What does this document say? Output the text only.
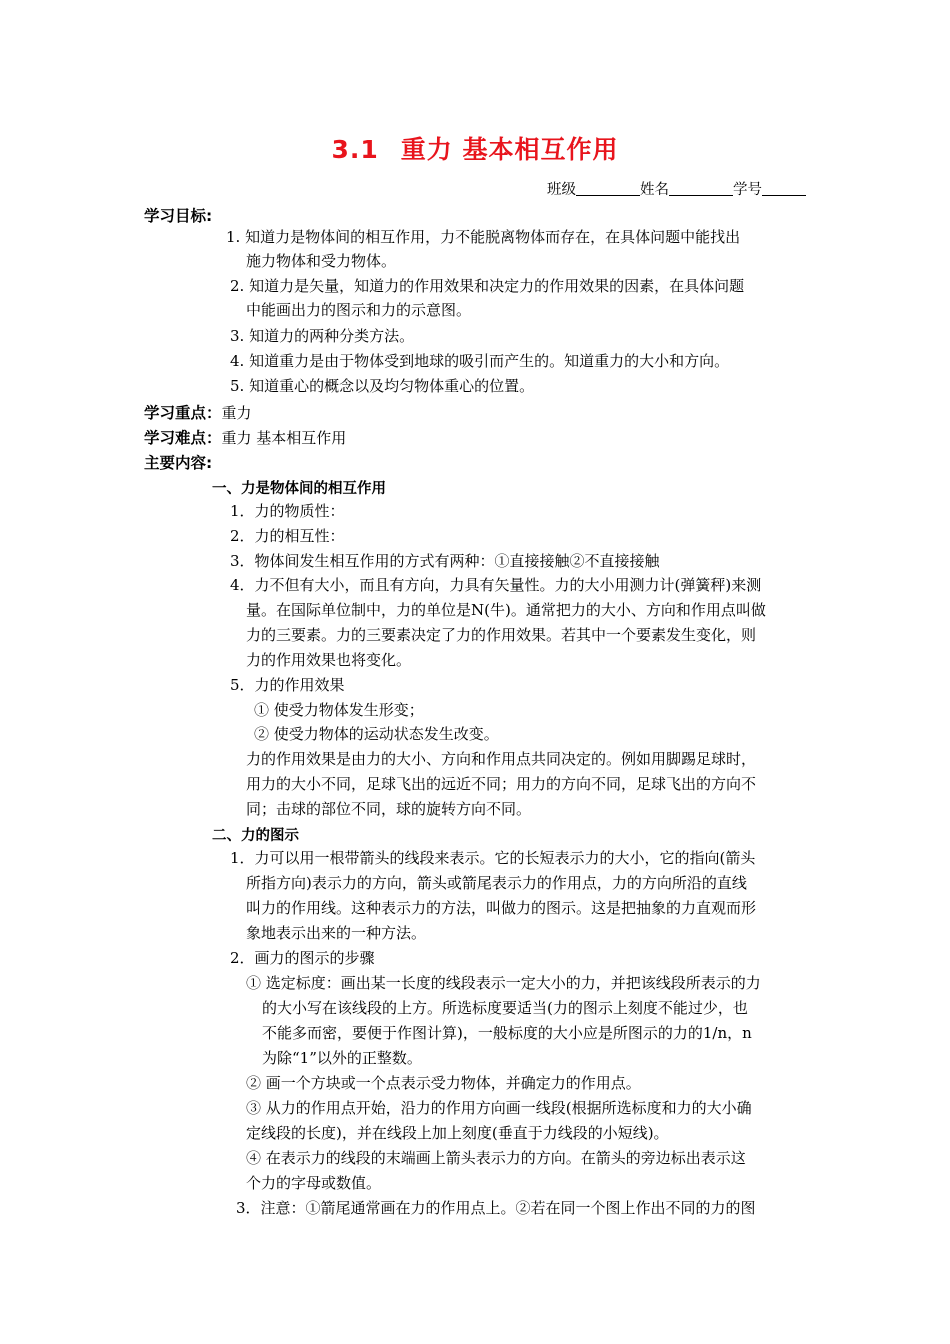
3.1 重力 基本相互作用
班级	姓名	学号
学习目标:
1. 知道力是物体间的相互作用，力不能脱离物体而存在，在具体问题中能找出
施力物体和受力物体。
2. 知道力是矢量，知道力的作用效果和决定力的作用效果的因素，在具体问题
中能画出力的图示和力的示意图。
3. 知道力的两种分类方法。
4. 知道重力是由于物体受到地球的吸引而产生的。知道重力的大小和方向。
5. 知道重心的概念以及均匀物体重心的位置。
学习重点：重力
学习难点：重力 基本相互作用
主要内容:
一、力是物体间的相互作用
1．力的物质性：
2．力的相互性：
3．物体间发生相互作用的方式有两种：①直接接触②不直接接触
4．力不但有大小，而且有方向，力具有矢量性。力的大小用测力计(弹簧秤)来测
量。在国际单位制中，力的单位是N(牛)。通常把力的大小、方向和作用点叫做
力的三要素。力的三要素决定了力的作用效果。若其中一个要素发生变化，则
力的作用效果也将变化。
5．力的作用效果
① 使受力物体发生形变；
② 使受力物体的运动状态发生改变。
力的作用效果是由力的大小、方向和作用点共同决定的。例如用脚踢足球时，
用力的大小不同，足球飞出的远近不同；用力的方向不同，足球飞出的方向不
同；击球的部位不同，球的旋转方向不同。
二、力的图示
1．力可以用一根带箭头的线段来表示。它的长短表示力的大小，它的指向(箭头
所指方向)表示力的方向，箭头或箭尾表示力的作用点，力的方向所沿的直线
叫力的作用线。这种表示力的方法，叫做力的图示。这是把抽象的力直观而形
象地表示出来的一种方法。
2．画力的图示的步骤
① 选定标度：画出某一长度的线段表示一定大小的力，并把该线段所表示的力
的大小写在该线段的上方。所选标度要适当(力的图示上刻度不能过少，也
不能多而密，要便于作图计算)，一般标度的大小应是所图示的力的1/n，n
为除“1”以外的正整数。
② 画一个方块或一个点表示受力物体，并确定力的作用点。
③ 从力的作用点开始，沿力的作用方向画一线段(根据所选标度和力的大小确
定线段的长度)，并在线段上加上刻度(垂直于力线段的小短线)。
④ 在表示力的线段的末端画上箭头表示力的方向。在箭头的旁边标出表示这
个力的字母或数值。
3．注意：①箭尾通常画在力的作用点上。②若在同一个图上作出不同的力的图
